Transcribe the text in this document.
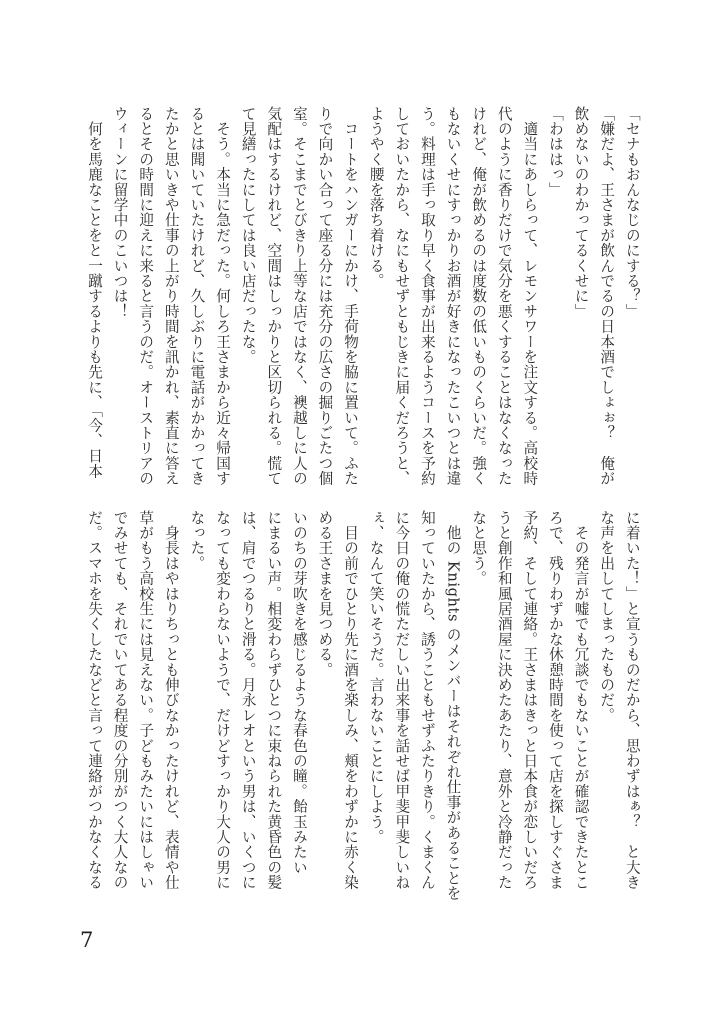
「セナもおんなじのにする？」
「嫌だよ、王さまが飲んでるの日本酒でしょぉ？　俺が
飲めないのわかってるくせに」
「わははっ」
　適当にあしらって、レモンサワーを注文する。高校時
代のように香りだけで気分を悪くすることはなくなった
けれど、俺が飲めるのは度数の低いものくらいだ。強く
もないくせにすっかりお酒が好きになったこいつとは違
う。料理は手っ取り早く食事が出来るようコースを予約
しておいたから、なにもせずともじきに届くだろうと、
ようやく腰を落ち着ける。
　コートをハンガーにかけ、手荷物を脇に置いて。ふた
りで向かい合って座る分には充分の広さの掘りごたつ個
室。そこまでとびきり上等な店ではなく、襖越しに人の
気配はするけれど、空間はしっかりと区切られる。慌て
て見繕ったにしては良い店だったな。
　そう。本当に急だった。何しろ王さまから近々帰国す
るとは聞いていたけれど、久しぶりに電話がかかってき
たかと思いきや仕事の上がり時間を訊かれ、素直に答え
るとその時間に迎えに来ると言うのだ。オーストリアの
ウィーンに留学中のこいつは！
　何を馬鹿なことをと一蹴するよりも先に、「今、日本
に着いた！」と宣うものだから、思わずはぁ？　と大き
な声を出してしまったものだ。
　その発言が嘘でも冗談でもないことが確認できたとこ
ろで、残りわずかな休憩時間を使って店を探しすぐさま
予約、そして連絡。王さまはきっと日本食が恋しいだろ
うと創作和風居酒屋に決めたあたり、意外と冷静だった
なと思う。
　他の Knights のメンバーはそれぞれ仕事があることを
知っていたから、誘うこともせずふたりきり。くまくん
に今日の俺の慌ただしい出来事を話せば甲斐甲斐しいね
ぇ、なんて笑いそうだ。言わないことにしよう。
　目の前でひとり先に酒を楽しみ、頬をわずかに赤く染
める王さまを見つめる。
いのちの芽吹きを感じるような春色の瞳。飴玉みたい
にまるい声。相変わらずひとつに束ねられた黄昏色の髪
は、肩でつるりと滑る。月永レオという男は、いくつに
なっても変わらないようで、だけどすっかり大人の男に
なった。
　身長はやはりちっとも伸びなかったけれど、表情や仕
草がもう高校生には見えない。子どもみたいにはしゃい
でみせても、それでいてある程度の分別がつく大人なの
だ。スマホを失くしたなどと言って連絡がつかなくなる
7
